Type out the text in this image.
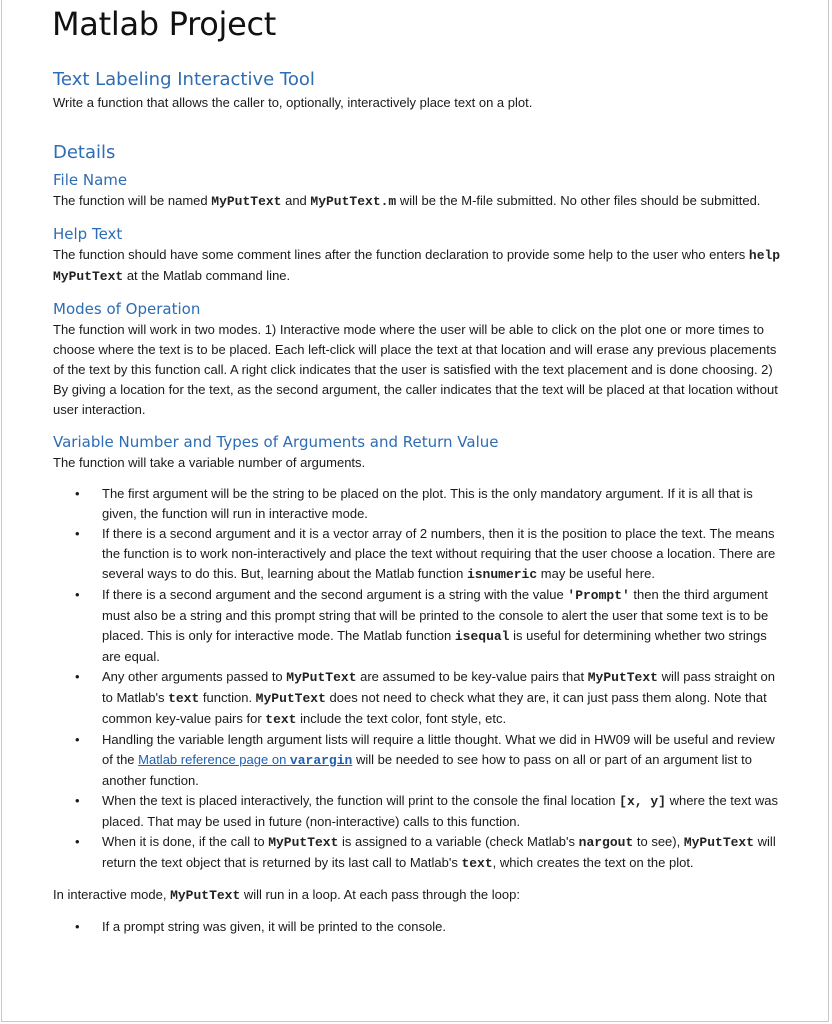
Matlab Project
Text Labeling Interactive Tool

Write a function that allows the caller to, optionally, interactively place text on a plot.

Details
File Name

The function will be named MyPutText and MyPutText.m will be the M-file submitted. No other files should be submitted.

Help Text

The function should have some comment lines after the function declaration to provide some help to the user who enters help MyPutText at the Matlab command line.

Modes of Operation

The function will work in two modes. 1) Interactive mode where the user will be able to click on the plot one or more times to choose where the text is to be placed. Each left-click will place the text at that location and will erase any previous placements of the text by this function call. A right click indicates that the user is satisfied with the text placement and is done choosing. 2) By giving a location for the text, as the second argument, the caller indicates that the text will be placed at that location without user interaction.

Variable Number and Types of Arguments and Return Value

The function will take a variable number of arguments.

• The first argument will be the string to be placed on the plot. This is the only mandatory argument. If it is all that is given, the function will run in interactive mode.
• If there is a second argument and it is a vector array of 2 numbers, then it is the position to place the text. The means the function is to work non-interactively and place the text without requiring that the user choose a location. There are several ways to do this. But, learning about the Matlab function isnumeric may be useful here.
• If there is a second argument and the second argument is a string with the value 'Prompt' then the third argument must also be a string and this prompt string that will be printed to the console to alert the user that some text is to be placed. This is only for interactive mode. The Matlab function isequal is useful for determining whether two strings are equal.
• Any other arguments passed to MyPutText are assumed to be key-value pairs that MyPutText will pass straight on to Matlab's text function. MyPutText does not need to check what they are, it can just pass them along. Note that common key-value pairs for text include the text color, font style, etc.
• Handling the variable length argument lists will require a little thought. What we did in HW09 will be useful and review of the Matlab reference page on varargin will be needed to see how to pass on all or part of an argument list to another function.
• When the text is placed interactively, the function will print to the console the final location [x, y] where the text was placed. That may be used in future (non-interactive) calls to this function.
• When it is done, if the call to MyPutText is assigned to a variable (check Matlab's nargout to see), MyPutText will return the text object that is returned by its last call to Matlab's text, which creates the text on the plot.

In interactive mode, MyPutText will run in a loop. At each pass through the loop:

• If a prompt string was given, it will be printed to the console.
